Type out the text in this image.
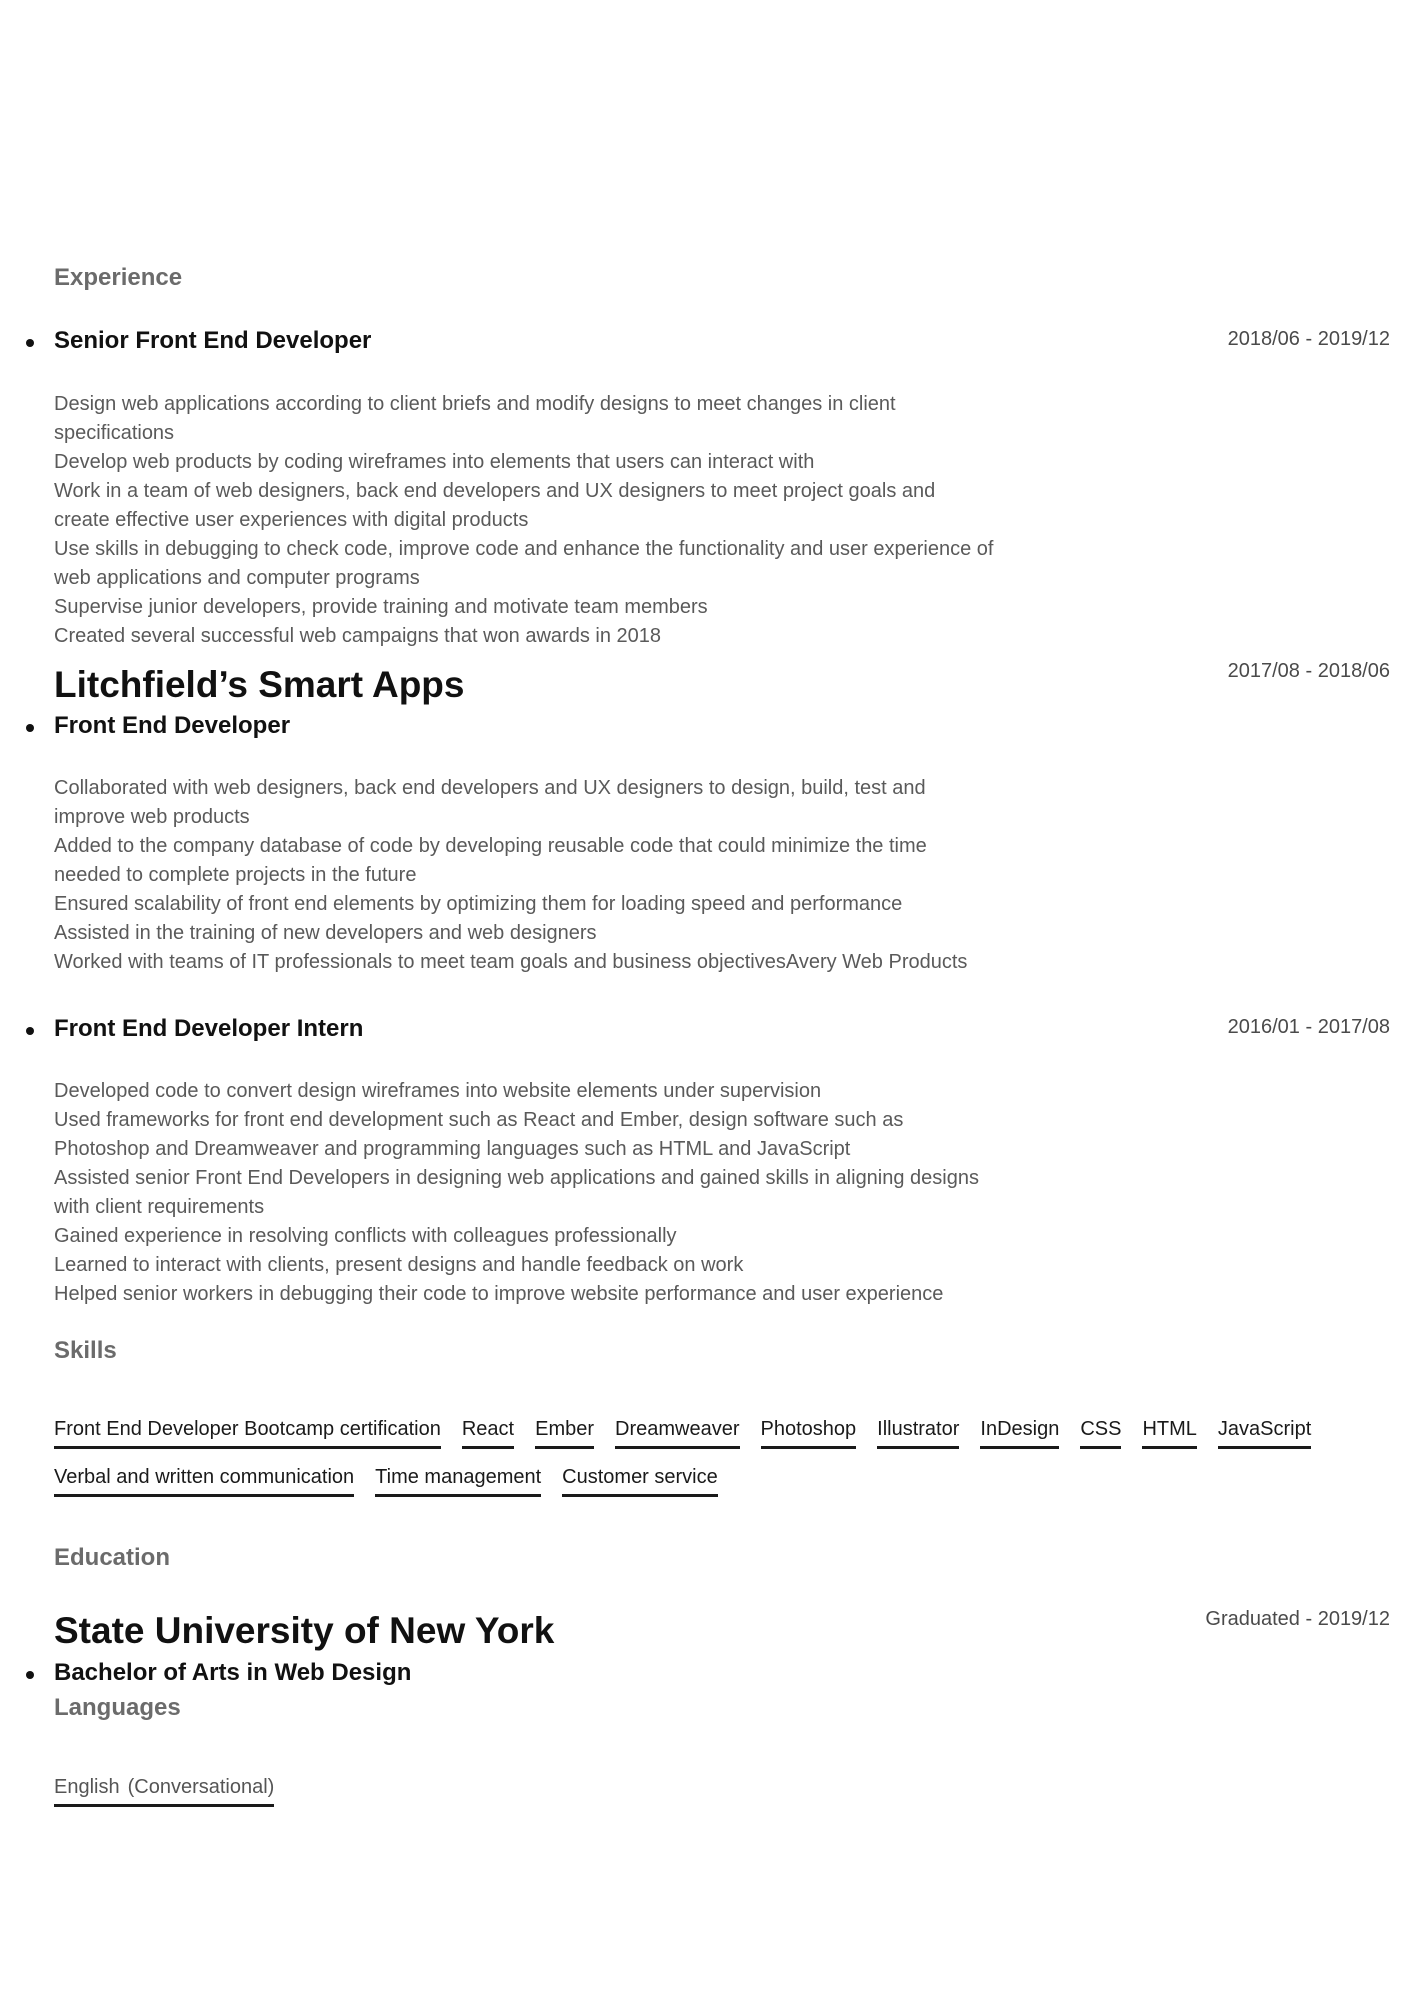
Experience
Senior Front End Developer	2018/06 - 2019/12

Design web applications according to client briefs and modify designs to meet changes in client specifications

Develop web products by coding wireframes into elements that users can interact with

Work in a team of web designers, back end developers and UX designers to meet project goals and create effective user experiences with digital products

Use skills in debugging to check code, improve code and enhance the functionality and user experience of web applications and computer programs

Supervise junior developers, provide training and motivate team members

Created several successful web campaigns that won awards in 2018

Litchfield’s Smart Apps	2017/08 - 2018/06
Front End Developer

Collaborated with web designers, back end developers and UX designers to design, build, test and improve web products

Added to the company database of code by developing reusable code that could minimize the time needed to complete projects in the future

Ensured scalability of front end elements by optimizing them for loading speed and performance

Assisted in the training of new developers and web designers

Worked with teams of IT professionals to meet team goals and business objectivesAvery Web Products

Front End Developer Intern	2016/01 - 2017/08

Developed code to convert design wireframes into website elements under supervision

Used frameworks for front end development such as React and Ember, design software such as Photoshop and Dreamweaver and programming languages such as HTML and JavaScript

Assisted senior Front End Developers in designing web applications and gained skills in aligning designs with client requirements

Gained experience in resolving conflicts with colleagues professionally

Learned to interact with clients, present designs and handle feedback on work

Helped senior workers in debugging their code to improve website performance and user experience

Skills
Front End Developer Bootcamp certification React Ember Dreamweaver Photoshop Illustrator InDesign CSS HTML JavaScript
Verbal and written communication Time management Customer service
Education
State University of New York	Graduated - 2019/12
Bachelor of Arts in Web Design
Languages
English (Conversational)
